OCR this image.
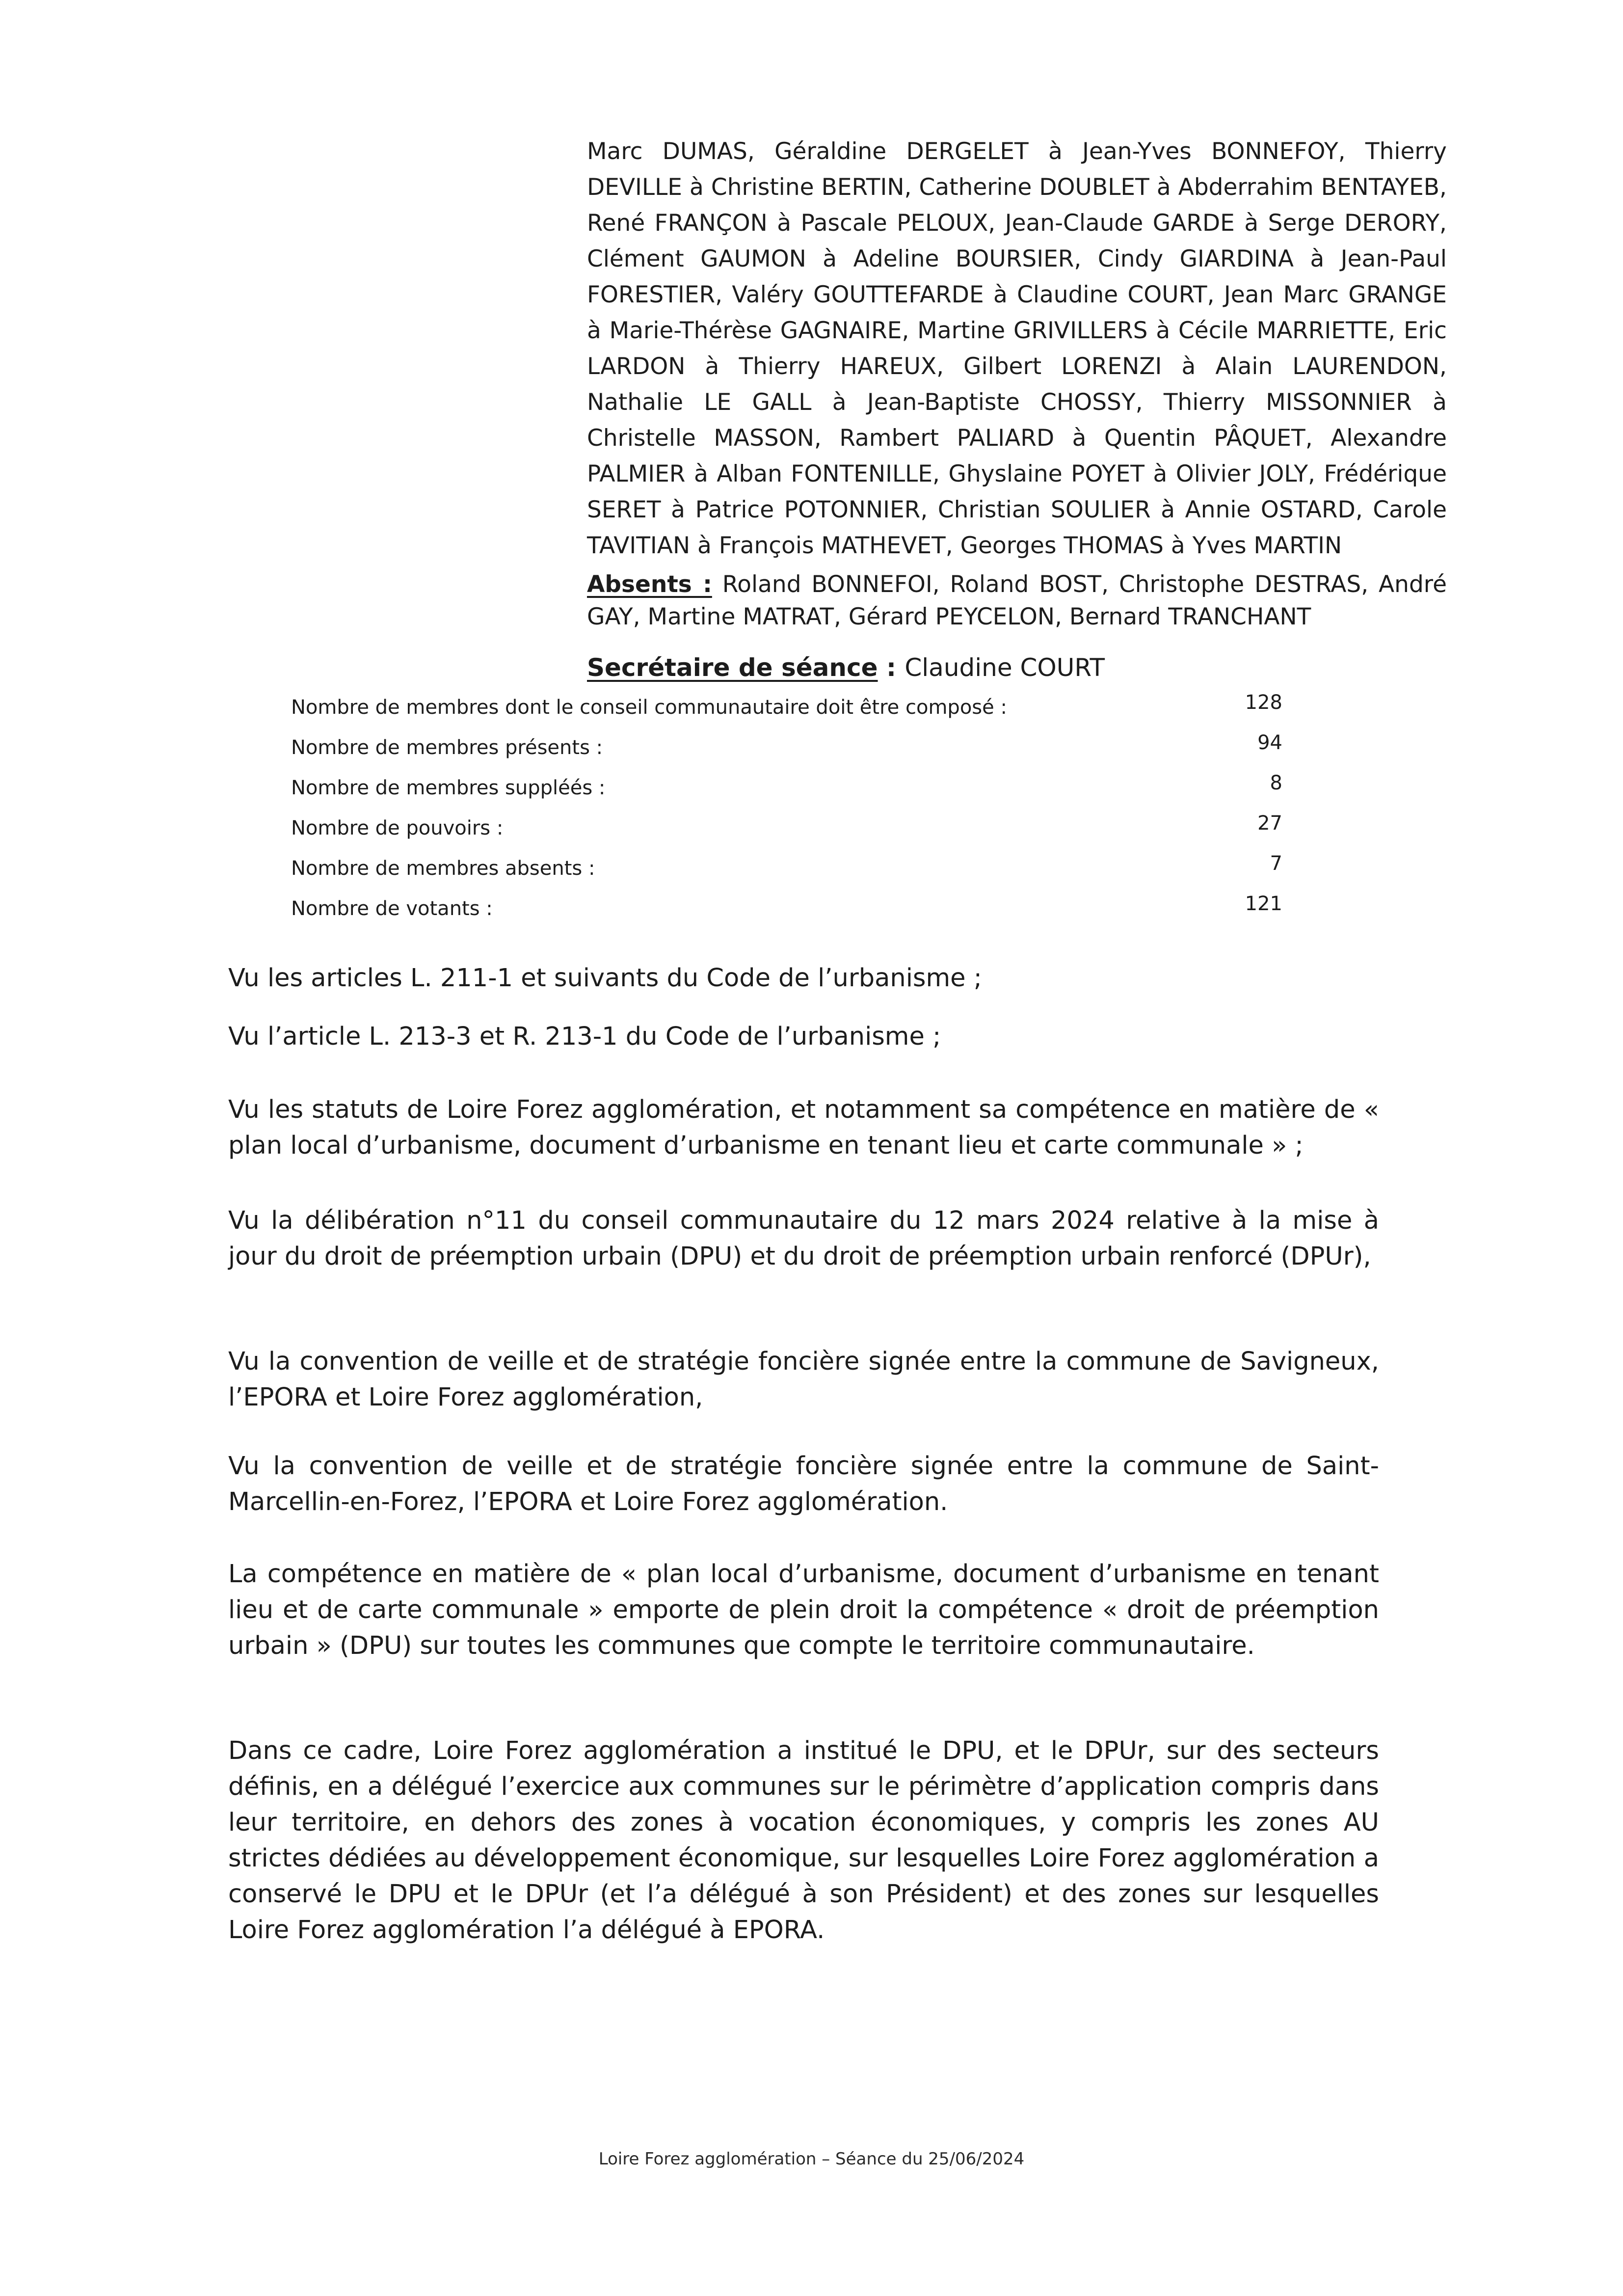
Marc DUMAS, Géraldine DERGELET à Jean-Yves BONNEFOY, Thierry DEVILLE à Christine BERTIN, Catherine DOUBLET à Abderrahim BENTAYEB, René FRANÇON à Pascale PELOUX, Jean-Claude GARDE à Serge DERORY, Clément GAUMON à Adeline BOURSIER, Cindy GIARDINA à Jean-Paul FORESTIER, Valéry GOUTTEFARDE à Claudine COURT, Jean Marc GRANGE à Marie-Thérèse GAGNAIRE, Martine GRIVILLERS à Cécile MARRIETTE, Eric LARDON à Thierry HAREUX, Gilbert LORENZI à Alain LAURENDON, Nathalie LE GALL à Jean-Baptiste CHOSSY, Thierry MISSONNIER à Christelle MASSON, Rambert PALIARD à Quentin PÂQUET, Alexandre PALMIER à Alban FONTENILLE, Ghyslaine POYET à Olivier JOLY, Frédérique SERET à Patrice POTONNIER, Christian SOULIER à Annie OSTARD, Carole TAVITIAN à François MATHEVET, Georges THOMAS à Yves MARTIN

Absents : Roland BONNEFOI, Roland BOST, Christophe DESTRAS, André GAY, Martine MATRAT, Gérard PEYCELON, Bernard TRANCHANT

Secrétaire de séance : Claudine COURT
Nombre de membres dont le conseil communautaire doit être composé :	128
Nombre de membres présents :	94
Nombre de membres suppléés :	8
Nombre de pouvoirs :	27
Nombre de membres absents :	7
Nombre de votants :	121

Vu les articles L. 211-1 et suivants du Code de l’urbanisme ;

Vu l’article L. 213-3 et R. 213-1 du Code de l’urbanisme ;

Vu les statuts de Loire Forez agglomération, et notamment sa compétence en matière de « plan local d’urbanisme, document d’urbanisme en tenant lieu et carte communale » ;

Vu la délibération n°11 du conseil communautaire du 12 mars 2024 relative à la mise à jour du droit de préemption urbain (DPU) et du droit de préemption urbain renforcé (DPUr),

Vu la convention de veille et de stratégie foncière signée entre la commune de Savigneux, l’EPORA et Loire Forez agglomération,

Vu la convention de veille et de stratégie foncière signée entre la commune de Saint-Marcellin-en-Forez, l’EPORA et Loire Forez agglomération.

La compétence en matière de « plan local d’urbanisme, document d’urbanisme en tenant lieu et de carte communale » emporte de plein droit la compétence « droit de préemption urbain » (DPU) sur toutes les communes que compte le territoire communautaire.

Dans ce cadre, Loire Forez agglomération a institué le DPU, et le DPUr, sur des secteurs définis, en a délégué l’exercice aux communes sur le périmètre d’application compris dans leur territoire, en dehors des zones à vocation économiques, y compris les zones AU strictes dédiées au développement économique, sur lesquelles Loire Forez agglomération a conservé le DPU et le DPUr (et l’a délégué à son Président) et des zones sur lesquelles Loire Forez agglomération l’a délégué à EPORA.

Loire Forez agglomération – Séance du 25/06/2024
